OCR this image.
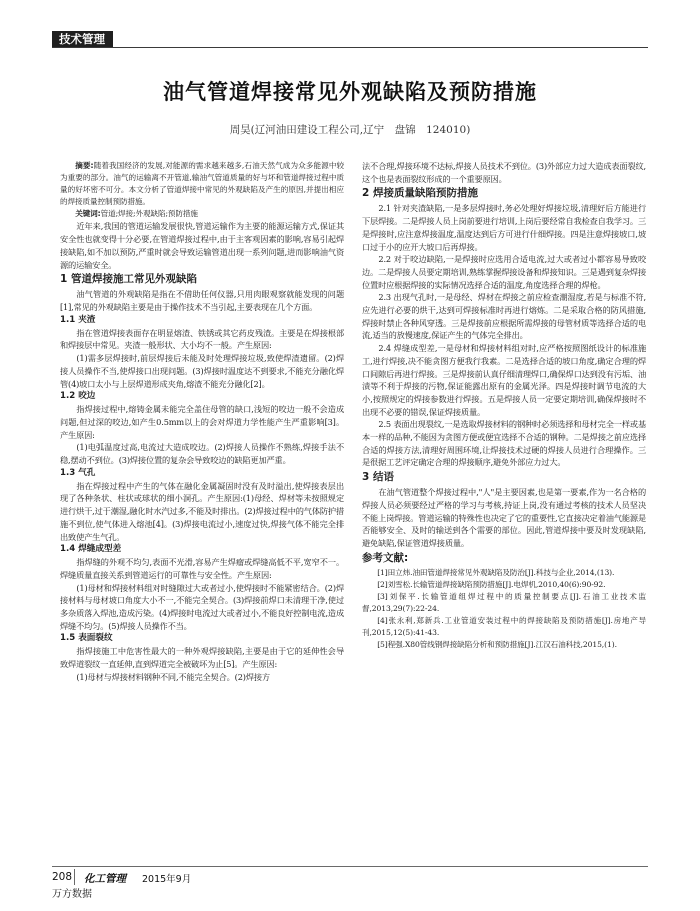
技术管理
油气管道焊接常见外观缺陷及预防措施
周昊(辽河油田建设工程公司,辽宁　盘锦　124010)

摘要:随着我国经济的发展,对能源的需求越来越多,石油天然气成为众多能源中较为重要的部分。油气的运输离不开管道,输油气管道质量的好与坏和管道焊接过程中质量的好坏密不可分。本文分析了管道焊接中常见的外观缺陷及产生的原因,并提出相应的焊接质量控制预防措施。

关键词:管道;焊接;外观缺陷;预防措施

近年来,我国的管道运输发展很快,管道运输作为主要的能源运输方式,保证其安全性也就变得十分必要,在管道焊接过程中,由于主客观因素的影响,容易引起焊接缺陷,如不加以预防,严重时就会导致运输管道出现一系列问题,进而影响油气资源的运输安全。

1 管道焊接施工常见外观缺陷

油气管道的外观缺陷是指在不借助任何仪器,只用肉眼观察就能发现的问题[1],常见的外观缺陷主要是由于操作技术不当引起,主要表现在几个方面。

1.1 夹渣

指在管道焊接表面存在明显熔渣、铁锈或其它药皮残渣。主要是在焊接根部和焊接层中常见。夹渣一般形状、大小均不一般。产生原因:

(1)需多层焊接时,前层焊接后未能及时处理焊接垃圾,致使焊渣遗留。(2)焊接人员操作不当,使焊接口出现问题。(3)焊接时温度达不到要求,不能充分融化焊管(4)坡口太小与上层焊道形成夹角,熔渣不能充分融化[2]。

1.2 咬边

指焊接过程中,熔铸金属未能完全盖住母管的缺口,浅短的咬边一般不会造成问题,但过深的咬边,如产生0.5mm以上的会对焊道力学性能产生严重影响[3]。产生原因:

(1)电弧温度过高,电流过大造成咬边。(2)焊接人员操作不熟练,焊接手法不稳,摆动不到位。(3)焊接位置的复杂会导致咬边的缺陷更加严重。

1.3 气孔

指在焊接过程中产生的气体在融化金属凝固时没有及时溢出,使焊接表层出现了各种条状、柱状或球状的细小洞孔。产生原因:(1)母经、焊材等未按照规定进行烘干,过于潮湿,融化时水汽过多,不能及时排出。(2)焊接过程中的气体防护措施不到位,使气体进入熔池[4]。(3)焊接电流过小,速度过快,焊接气体不能完全排出致使产生气孔。

1.4 焊缝成型差

指焊缝的外观不均匀,表面不光滑,容易产生焊瘤或焊缝高低不平,宽窄不一。焊缝质量直接关系到管道运行的可靠性与安全性。产生原因:

(1)母材和焊接材料组对时缝隙过大或者过小,使焊接时不能紧密结合。(2)焊接材料与母材坡口角度大小不一,不能完全契合。(3)焊接前焊口未清理干净,使过多杂质落入焊池,造成污染。(4)焊接时电流过大或者过小,不能良好控制电流,造成焊缝不均匀。(5)焊接人员操作不当。

1.5 表面裂纹

指焊接施工中危害性最大的一种外观焊接缺陷,主要是由于它的延伸性会导致焊道裂纹一直延伸,直到焊道完全被破坏为止[5]。产生原因:

(1)母材与焊接材料钢种不同,不能完全契合。(2)焊接方

法不合理,焊接环境不达标,焊接人员技术不到位。(3)外部应力过大造成表面裂纹,这个也是表面裂纹形成的一个重要原因。

2 焊接质量缺陷预防措施

2.1 针对夹渣缺陷,一是多层焊接时,务必处理好焊接垃圾,清理好后方能进行下层焊接。二是焊接人员上岗前要进行培训,上岗后要经常自我检查自我学习。三是焊接时,应注意焊接温度,温度达到后方可进行什细焊接。四是注意焊接坡口,坡口过于小的应开大坡口后再焊接。

2.2 对于咬边缺陷,一是焊接时应选用合适电流,过大或者过小都容易导致咬边。二是焊接人员要定期培训,熟练掌握焊接设备和焊接知识。三是遇到复杂焊接位置时应根据焊接的实际情况选择合适的温度,角度选择合理的焊枪。

2.3 出现气孔时,一是母经、焊材在焊接之前应检查潮湿度,若是与标准不符,应先进行必要的烘干,达到可焊接标准时再进行熔炼。二是采取合格的防风措施,焊接时禁止各种风穿透。三是焊接前应根据所需焊接的母管材质等选择合适的电流,适当的放慢速度,保证产生的气体完全排出。

2.4 焊缝成型差,一是母材和焊接材料组对时,应严格按照图纸设计的标准施工,进行焊接,决不能贪图方便我行我素。二是选择合适的坡口角度,确定合理的焊口间隙后再进行焊接。三是焊接前认真仔细清理焊口,确保焊口达到没有污垢、油渍等不利于焊接的污物,保证能露出原有的金属光泽。四是焊接时调节电流的大小,按照规定的焊接参数进行焊接。五是焊接人员一定要定期培训,确保焊接时不出现不必要的错误,保证焊接质量。

2.5 表面出现裂纹,一是选取焊接材料的钢种时必须选择和母材完全一样或基本一样的品种,不能因为贪图方便或便宜选择不合适的钢种。二是焊接之前应选择合适的焊接方法,清理好周围环境,让焊接技术过硬的焊接人员进行合理操作。三是很据工艺评定确定合理的焊接顺序,避免外部应力过大。

3 结语

在油气管道整个焊接过程中,"人"是主要因素,也是第一要素,作为一名合格的焊接人员必须要经过严格的学习与考核,持证上岗,没有通过考核的技术人员坚决不能上岗焊接。管道运输的特殊性也决定了它的重要性,它直接决定着油气能源是否能够安全、及时的输送到各个需要的部位。因此,管道焊接中要及时发现缺陷,避免缺陷,保证管道焊接质量。

参考文献:
[1]田立炜.油田管道焊接常见外观缺陷及防治[J].科技与企业,2014,(13).
[2]刘雪松.长输管道焊接缺陷预防措施[J].电焊机,2010,40(6):90-92.
[3]刘保平.长输管道组焊过程中的质量控制要点[J].石油工业技术监督,2013,29(7):22-24.
[4]张永利,郑新兵.工业管道安装过程中的焊接缺陷及预防措施[J].房地产导刊,2015,12(5):41-43.
[5]程强.X80管线钢焊接缺陷分析和预防措施[J].江汉石油科技,2015,(1).
208 化工管理 2015年9月
万方数据
